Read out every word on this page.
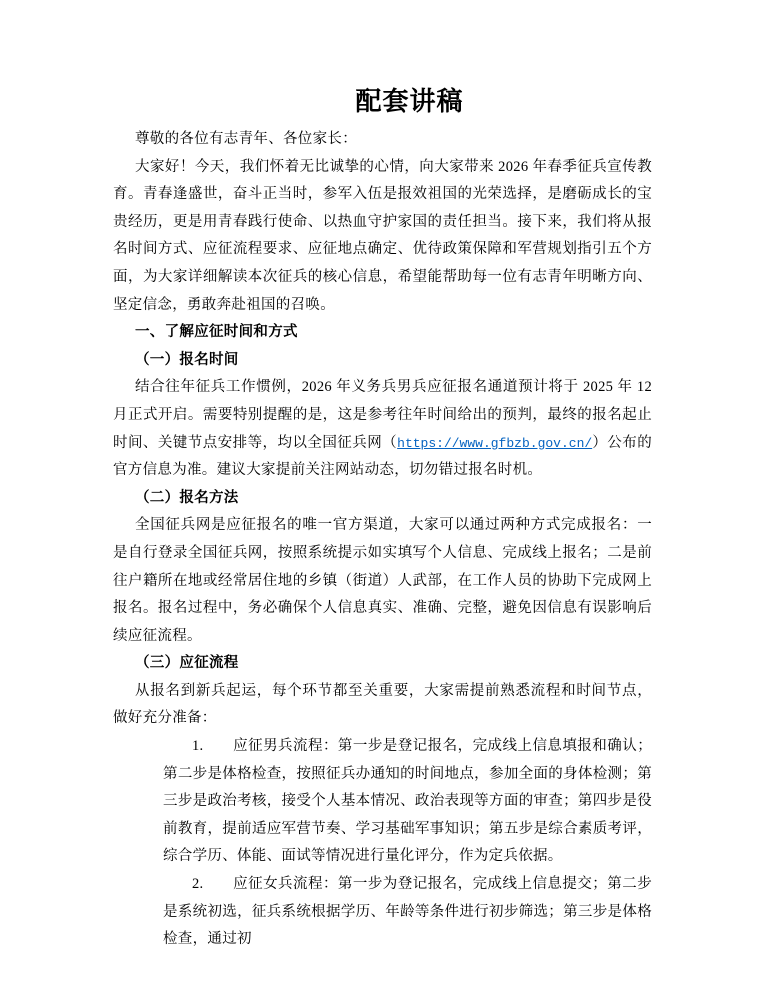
配套讲稿

尊敬的各位有志青年、各位家长：

大家好！今天，我们怀着无比诚挚的心情，向大家带来 2026 年春季征兵宣传教育。青春逢盛世，奋斗正当时，参军入伍是报效祖国的光荣选择，是磨砺成长的宝贵经历，更是用青春践行使命、以热血守护家国的责任担当。接下来，我们将从报名时间方式、应征流程要求、应征地点确定、优待政策保障和军营规划指引五个方面，为大家详细解读本次征兵的核心信息，希望能帮助每一位有志青年明晰方向、坚定信念，勇敢奔赴祖国的召唤。

一、了解应征时间和方式

（一）报名时间

结合往年征兵工作惯例，2026 年义务兵男兵应征报名通道预计将于 2025 年 12 月正式开启。需要特别提醒的是，这是参考往年时间给出的预判，最终的报名起止时间、关键节点安排等，均以全国征兵网（https://www.gfbzb.gov.cn/）公布的官方信息为准。建议大家提前关注网站动态，切勿错过报名时机。

（二）报名方法

全国征兵网是应征报名的唯一官方渠道，大家可以通过两种方式完成报名：一是自行登录全国征兵网，按照系统提示如实填写个人信息、完成线上报名；二是前往户籍所在地或经常居住地的乡镇（街道）人武部，在工作人员的协助下完成网上报名。报名过程中，务必确保个人信息真实、准确、完整，避免因信息有误影响后续应征流程。

（三）应征流程

从报名到新兵起运，每个环节都至关重要，大家需提前熟悉流程和时间节点，做好充分准备：

1. 应征男兵流程：第一步是登记报名，完成线上信息填报和确认；第二步是体格检查，按照征兵办通知的时间地点，参加全面的身体检测；第三步是政治考核，接受个人基本情况、政治表现等方面的审查；第四步是役前教育，提前适应军营节奏、学习基础军事知识；第五步是综合素质考评，综合学历、体能、面试等情况进行量化评分，作为定兵依据。

2. 应征女兵流程：第一步为登记报名，完成线上信息提交；第二步是系统初选，征兵系统根据学历、年龄等条件进行初步筛选；第三步是体格检查，通过初
